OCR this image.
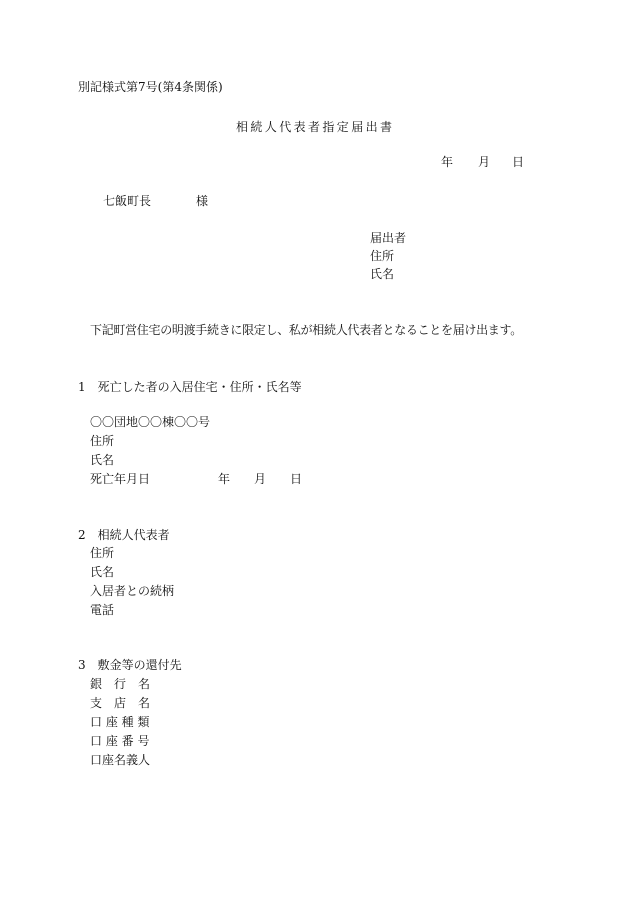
別記様式第7号(第4条関係)
相続人代表者指定届出書
年 月 日
七飯町長	様
届出者
住所
氏名
下記町営住宅の明渡手続きに限定し、私が相続人代表者となることを届け出ます。
1　死亡した者の入居住宅・住所・氏名等
〇〇団地〇〇棟〇〇号
住所
氏名
死亡年月日	年 月 日
2　相続人代表者
住所
氏名
入居者との続柄
電話
3　敷金等の還付先
銀　行　名
支　店　名
口 座 種 類
口 座 番 号
口座名義人
